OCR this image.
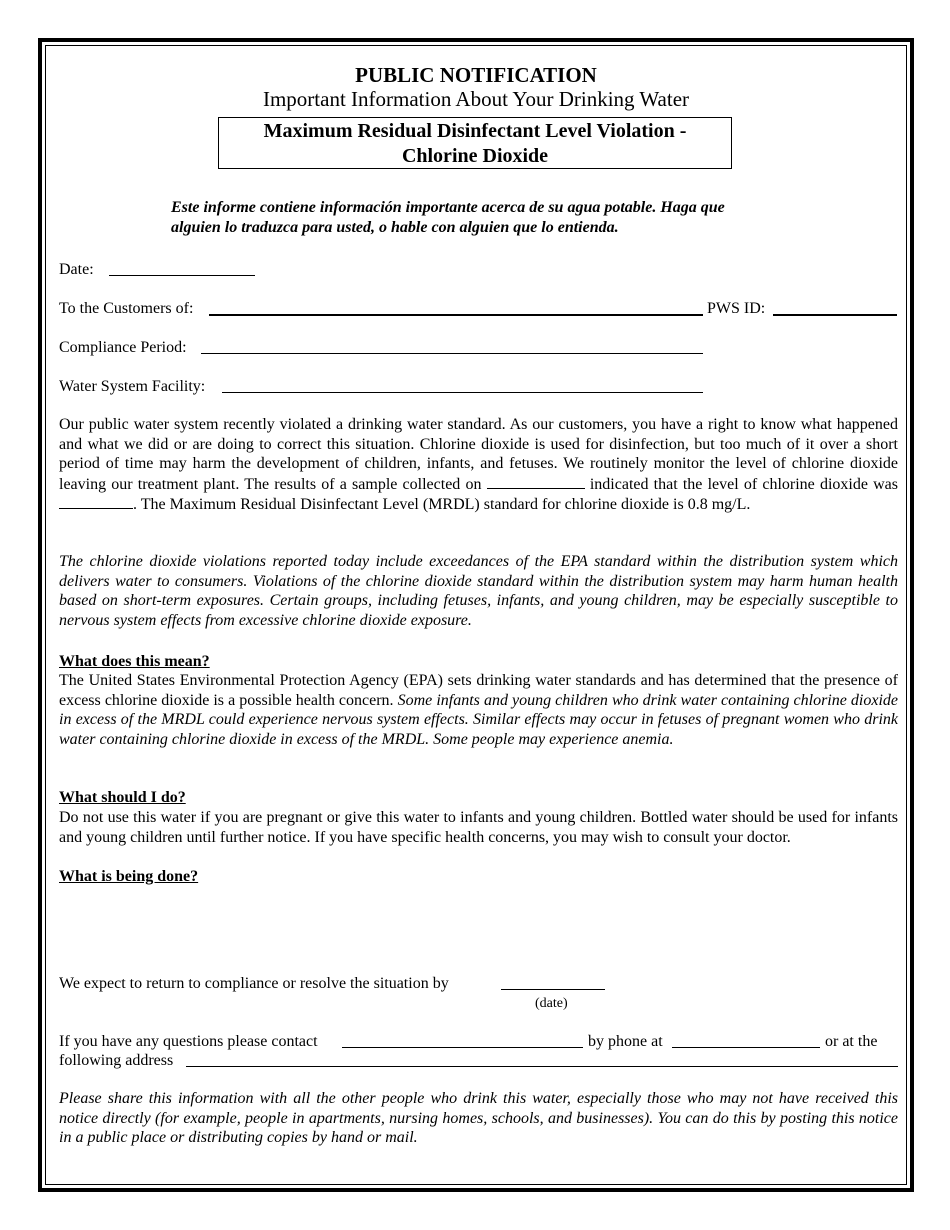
PUBLIC NOTIFICATION
Important Information About Your Drinking Water
Maximum Residual Disinfectant Level Violation -
Chlorine Dioxide
Este informe contiene información importante acerca de su agua potable. Haga que alguien lo traduzca para usted, o hable con alguien que lo entienda.
Date:
To the Customers of:	PWS ID:
Compliance Period:
Water System Facility:
Our public water system recently violated a drinking water standard. As our customers, you have a right to know what happened and what we did or are doing to correct this situation. Chlorine dioxide is used for disinfection, but too much of it over a short period of time may harm the development of children, infants, and fetuses. We routinely monitor the level of chlorine dioxide leaving our treatment plant. The results of a sample collected on	indicated that the level of chlorine dioxide was . The Maximum Residual Disinfectant Level (MRDL) standard for chlorine dioxide is 0.8 mg/L.
The chlorine dioxide violations reported today include exceedances of the EPA standard within the distribution system which delivers water to consumers. Violations of the chlorine dioxide standard within the distribution system may harm human health based on short-term exposures. Certain groups, including fetuses, infants, and young children, may be especially susceptible to nervous system effects from excessive chlorine dioxide exposure.
What does this mean?
The United States Environmental Protection Agency (EPA) sets drinking water standards and has determined that the presence of excess chlorine dioxide is a possible health concern. Some infants and young children who drink water containing chlorine dioxide in excess of the MRDL could experience nervous system effects. Similar effects may occur in fetuses of pregnant women who drink water containing chlorine dioxide in excess of the MRDL. Some people may experience anemia.
What should I do?
Do not use this water if you are pregnant or give this water to infants and young children. Bottled water should be used for infants and young children until further notice. If you have specific health concerns, you may wish to consult your doctor.
What is being done?
We expect to return to compliance or resolve the situation by
(date)
If you have any questions please contact	by phone at	or at the
following address
Please share this information with all the other people who drink this water, especially those who may not have received this notice directly (for example, people in apartments, nursing homes, schools, and businesses). You can do this by posting this notice in a public place or distributing copies by hand or mail.
